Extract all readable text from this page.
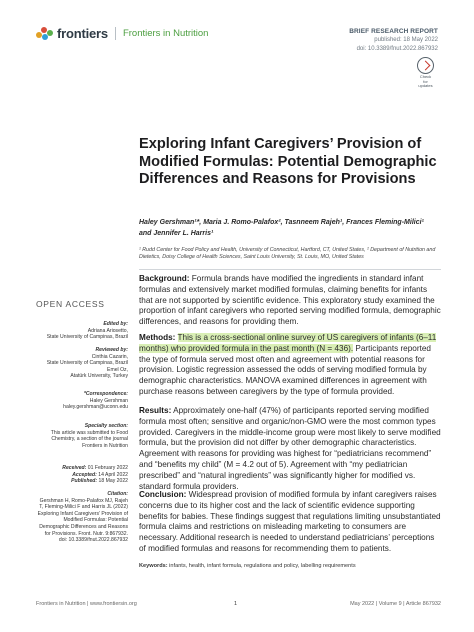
frontiers Frontiers in Nutrition	BRIEF RESEARCH REPORT
published: 18 May 2022
doi: 10.3389/fnut.2022.867932
Check for updates
Exploring Infant Caregivers’ Provision of Modified Formulas: Potential Demographic Differences and Reasons for Provisions
Haley Gershman¹*, Maria J. Romo-Palafox², Tasnneem Rajeh¹, Frances Fleming-Milici¹
and Jennifer L. Harris¹
¹ Rudd Center for Food Policy and Health, University of Connecticut, Hartford, CT, United States, ² Department of Nutrition and Dietetics, Doisy College of Health Sciences, Saint Louis University, St. Louis, MO, United States
OPEN ACCESS
Edited by:
Adriana Ariosetto,
State University of Campinas, Brazil
Reviewed by:
Cinthia Cazarin,
State University of Campinas, Brazil
Emel Oz,
Atatürk University, Turkey
*Correspondence:
Haley Gershman
haley.gershman@uconn.edu
Specialty section:
This article was submitted to Food Chemistry, a section of the journal Frontiers in Nutrition
Received: 01 February 2022
Accepted: 14 April 2022
Published: 18 May 2022
Citation:
Gershman H, Romo-Palafox MJ, Rajeh T, Fleming-Milici F and Harris JL (2022) Exploring Infant Caregivers’ Provision of Modified Formulas: Potential Demographic Differences and Reasons for Provisions. Front. Nutr. 9:867932. doi: 10.3389/fnut.2022.867932
Background: Formula brands have modified the ingredients in standard infant formulas and extensively market modified formulas, claiming benefits for infants that are not supported by scientific evidence. This exploratory study examined the proportion of infant caregivers who reported serving modified formula, demographic differences, and reasons for providing them.
Methods: This is a cross-sectional online survey of US caregivers of infants (6–11 months) who provided formula in the past month (N = 436). Participants reported the type of formula served most often and agreement with potential reasons for provision. Logistic regression assessed the odds of serving modified formula by demographic characteristics. MANOVA examined differences in agreement with purchase reasons between caregivers by the type of formula provided.
Results: Approximately one-half (47%) of participants reported serving modified formula most often; sensitive and organic/non-GMO were the most common types provided. Caregivers in the middle-income group were most likely to serve modified formula, but the provision did not differ by other demographic characteristics. Agreement with reasons for providing was highest for “pediatricians recommend” and “benefits my child” (M = 4.2 out of 5). Agreement with “my pediatrician prescribed” and “natural ingredients” was significantly higher for modified vs. standard formula providers.
Conclusion: Widespread provision of modified formula by infant caregivers raises concerns due to its higher cost and the lack of scientific evidence supporting benefits for babies. These findings suggest that regulations limiting unsubstantiated formula claims and restrictions on misleading marketing to consumers are necessary. Additional research is needed to understand pediatricians’ perceptions of modified formulas and reasons for recommending them to patients.
Keywords: infants, health, infant formula, regulations and policy, labelling requirements
Frontiers in Nutrition | www.frontiersin.org	1	May 2022 | Volume 9 | Article 867932
